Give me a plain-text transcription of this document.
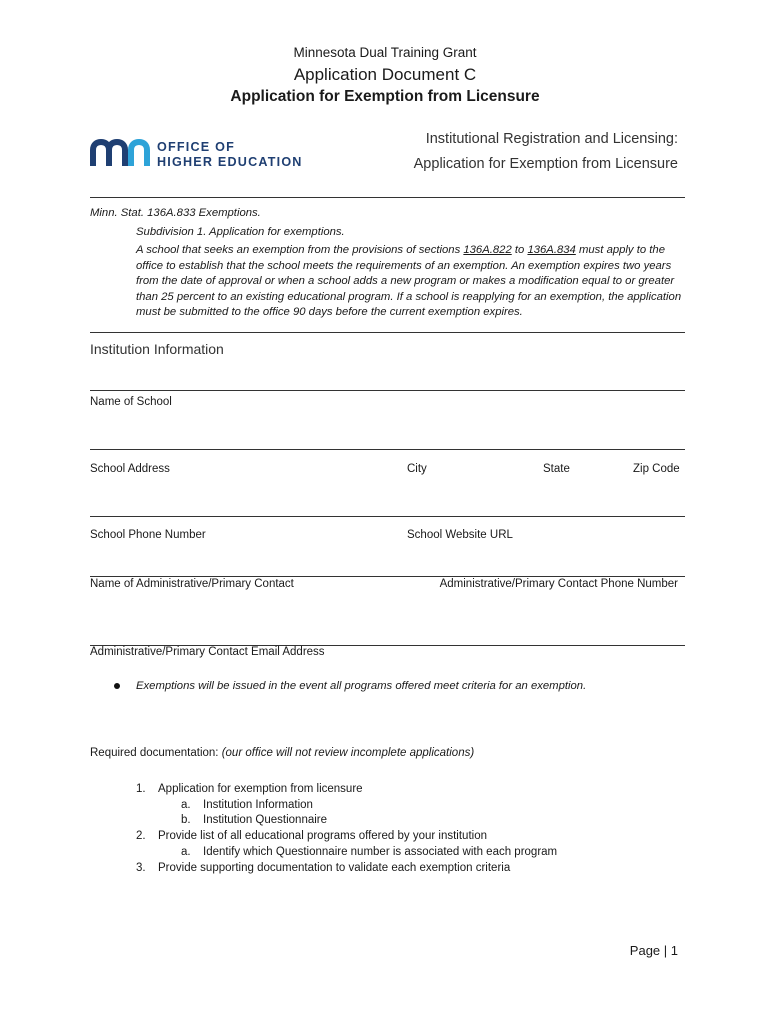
Minnesota Dual Training Grant
Application Document C
Application for Exemption from Licensure
OFFICE OF
HIGHER EDUCATION
Institutional Registration and Licensing:
Application for Exemption from Licensure
Minn. Stat. 136A.833 Exemptions.
Subdivision 1. Application for exemptions.
A school that seeks an exemption from the provisions of sections 136A.822 to 136A.834 must apply to the office to establish that the school meets the requirements of an exemption. An exemption expires two years from the date of approval or when a school adds a new program or makes a modification equal to or greater than 25 percent to an existing educational program. If a school is reapplying for an exemption, the application must be submitted to the office 90 days before the current exemption expires.
Institution Information
Name of School
School Address	City	State	Zip Code
School Phone Number	School Website URL
Name of Administrative/Primary Contact	Administrative/Primary Contact Phone Number
Administrative/Primary Contact Email Address
Exemptions will be issued in the event all programs offered meet criteria for an exemption.
Required documentation: (our office will not review incomplete applications)
1. Application for exemption from licensure
a. Institution Information
b. Institution Questionnaire
2. Provide list of all educational programs offered by your institution
a. Identify which Questionnaire number is associated with each program
3. Provide supporting documentation to validate each exemption criteria
Page | 1
